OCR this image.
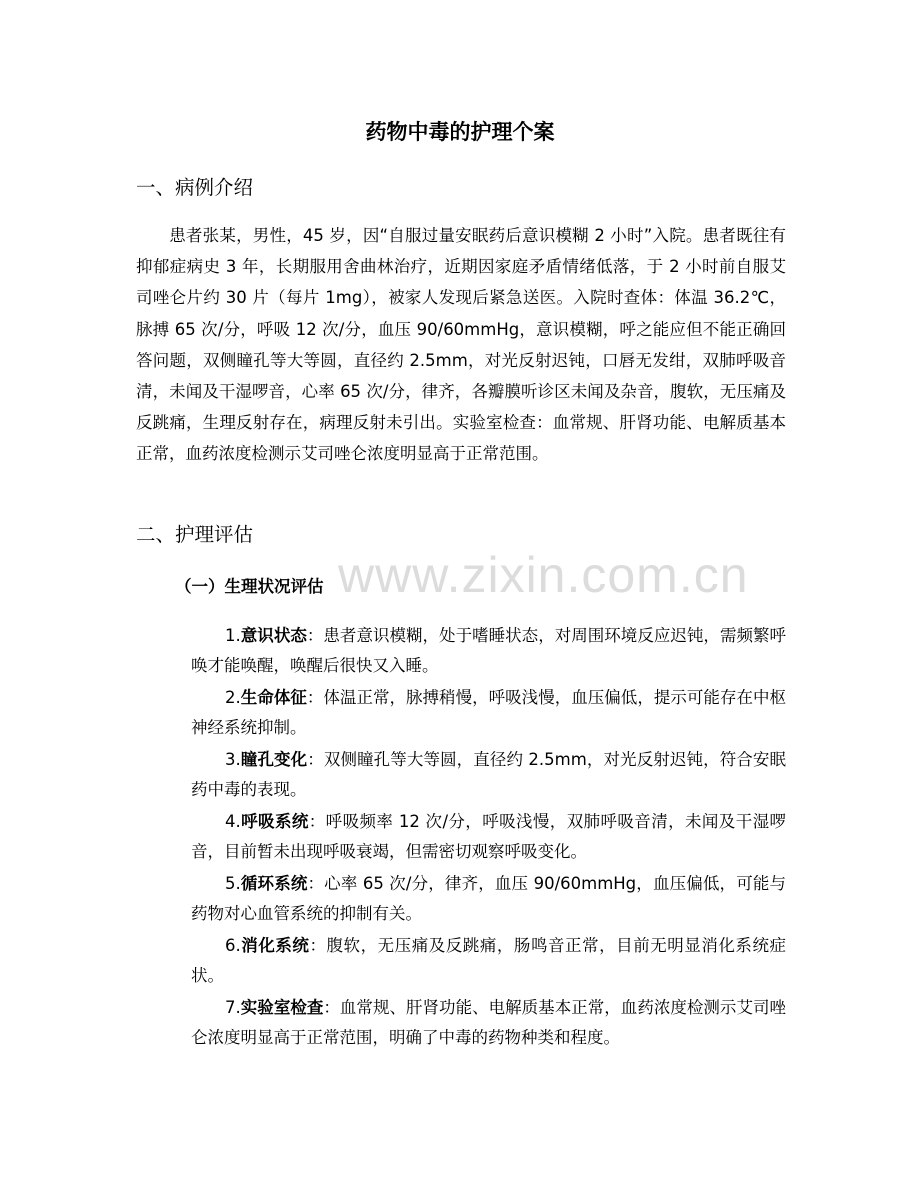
药物中毒的护理个案
一、病例介绍
患者张某，男性，45 岁，因“自服过量安眠药后意识模糊 2 小时”入院。患者既往有抑郁症病史 3 年，长期服用舍曲林治疗，近期因家庭矛盾情绪低落，于 2 小时前自服艾司唑仑片约 30 片（每片 1mg），被家人发现后紧急送医。入院时查体：体温 36.2℃，脉搏 65 次/分，呼吸 12 次/分，血压 90/60mmHg，意识模糊，呼之能应但不能正确回答问题，双侧瞳孔等大等圆，直径约 2.5mm，对光反射迟钝，口唇无发绀，双肺呼吸音清，未闻及干湿啰音，心率 65 次/分，律齐，各瓣膜听诊区未闻及杂音，腹软，无压痛及反跳痛，生理反射存在，病理反射未引出。实验室检查：血常规、肝肾功能、电解质基本正常，血药浓度检测示艾司唑仑浓度明显高于正常范围。
二、护理评估
（一）生理状况评估 www.zixin.com.cn
1.意识状态：患者意识模糊，处于嗜睡状态，对周围环境反应迟钝，需频繁呼唤才能唤醒，唤醒后很快又入睡。
2.生命体征：体温正常，脉搏稍慢，呼吸浅慢，血压偏低，提示可能存在中枢神经系统抑制。
3.瞳孔变化：双侧瞳孔等大等圆，直径约 2.5mm，对光反射迟钝，符合安眠药中毒的表现。
4.呼吸系统：呼吸频率 12 次/分，呼吸浅慢，双肺呼吸音清，未闻及干湿啰音，目前暂未出现呼吸衰竭，但需密切观察呼吸变化。
5.循环系统：心率 65 次/分，律齐，血压 90/60mmHg，血压偏低，可能与药物对心血管系统的抑制有关。
6.消化系统：腹软，无压痛及反跳痛，肠鸣音正常，目前无明显消化系统症状。
7.实验室检查：血常规、肝肾功能、电解质基本正常，血药浓度检测示艾司唑仑浓度明显高于正常范围，明确了中毒的药物种类和程度。
